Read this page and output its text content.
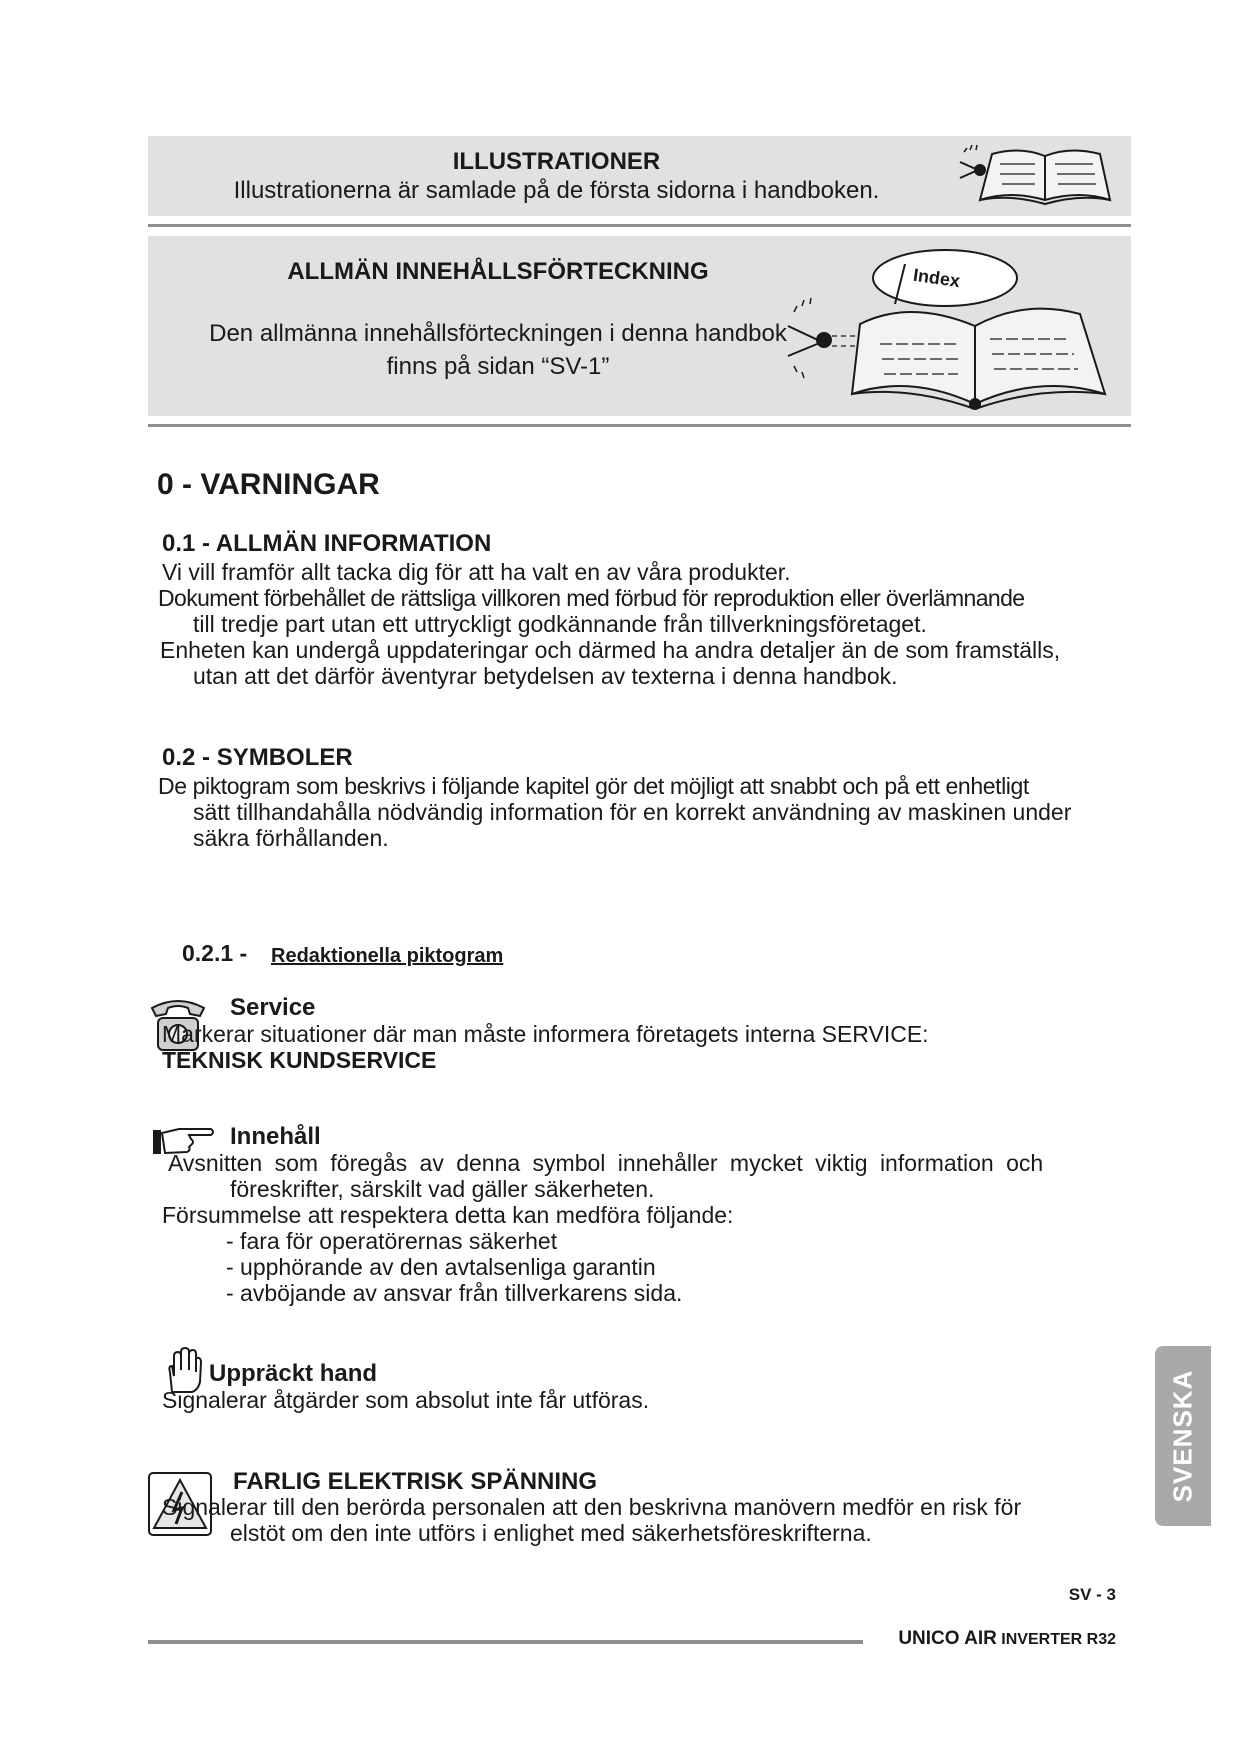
ILLUSTRATIONER
Illustrationerna är samlade på de första sidorna i handboken.
ALLMÄN INNEHÅLLSFÖRTECKNING
Den allmänna innehållsförteckningen i denna handbok
finns på sidan “SV-1”
Index
0 - VARNINGAR
0.1 - ALLMÄN INFORMATION
Vi vill framför allt tacka dig för att ha valt en av våra produkter.
Dokument förbehållet de rättsliga villkoren med förbud för reproduktion eller överlämnande
till tredje part utan ett uttryckligt godkännande från tillverkningsföretaget.
Enheten kan undergå uppdateringar och därmed ha andra detaljer än de som framställs,
utan att det därför äventyrar betydelsen av texterna i denna handbok.
0.2 - SYMBOLER
De piktogram som beskrivs i följande kapitel gör det möjligt att snabbt och på ett enhetligt
sätt tillhandahålla nödvändig information för en korrekt användning av maskinen under
säkra förhållanden.
0.2.1 - Redaktionella piktogram
Service
Markerar situationer där man måste informera företagets interna SERVICE:
TEKNISK KUNDSERVICE
Innehåll
Avsnitten som föregås av denna symbol innehåller mycket viktig information och
föreskrifter, särskilt vad gäller säkerheten.
Försummelse att respektera detta kan medföra följande:
- fara för operatörernas säkerhet
- upphörande av den avtalsenliga garantin
- avböjande av ansvar från tillverkarens sida.
Uppräckt hand
Signalerar åtgärder som absolut inte får utföras.
FARLIG ELEKTRISK SPÄNNING
Signalerar till den berörda personalen att den beskrivna manövern medför en risk för
elstöt om den inte utförs i enlighet med säkerhetsföreskrifterna.
SVENSKA
SV - 3
UNICO AIR INVERTER R32
